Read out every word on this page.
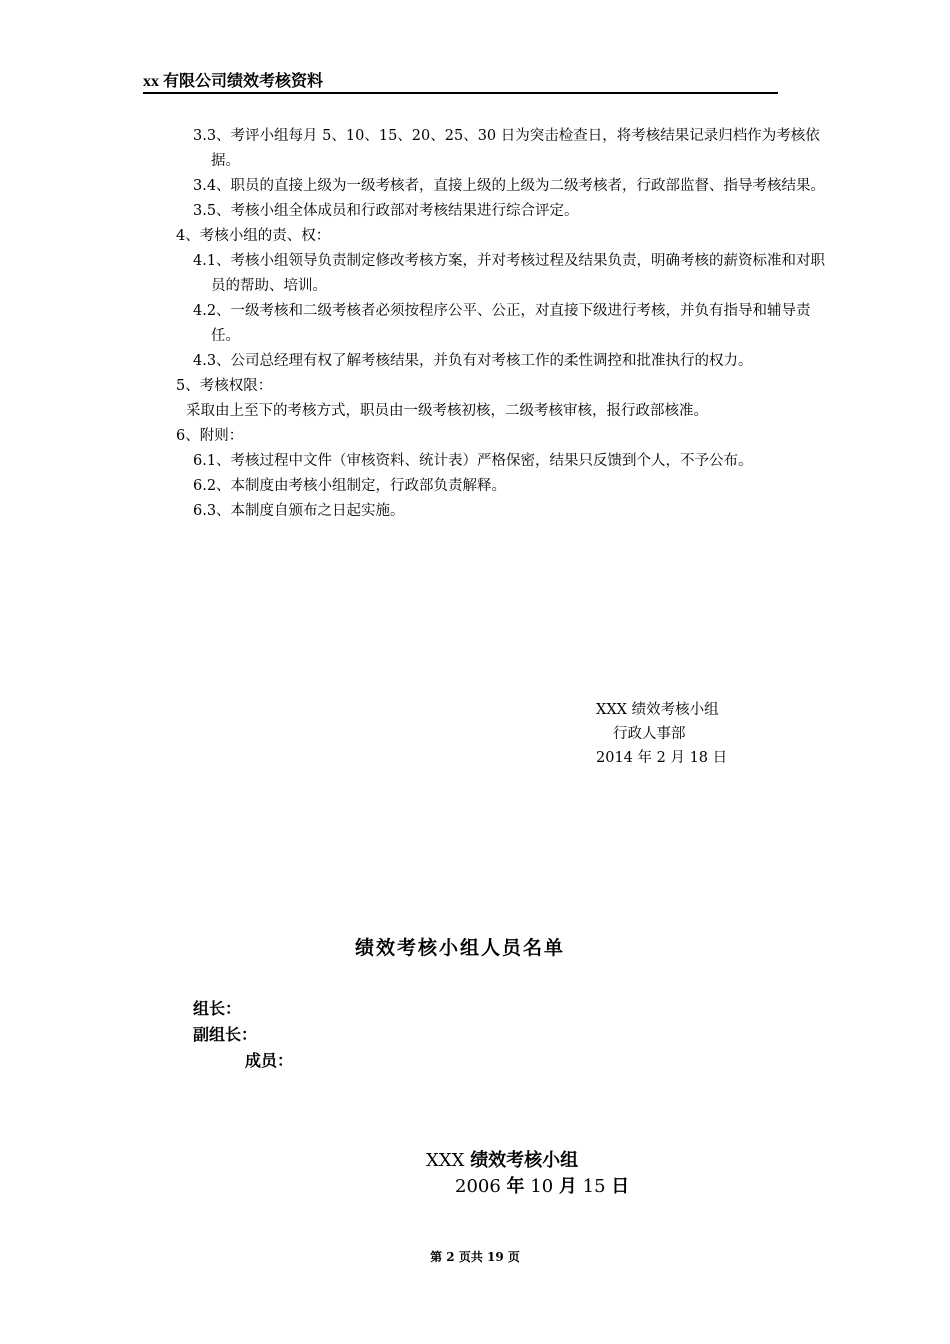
xx 有限公司绩效考核资料
3.3、考评小组每月 5、10、15、20、25、30 日为突击检查日，将考核结果记录归档作为考核依据。
3.4、职员的直接上级为一级考核者，直接上级的上级为二级考核者，行政部监督、指导考核结果。
3.5、考核小组全体成员和行政部对考核结果进行综合评定。
4、考核小组的责、权：
4.1、考核小组领导负责制定修改考核方案，并对考核过程及结果负责，明确考核的薪资标准和对职员的帮助、培训。
4.2、一级考核和二级考核者必须按程序公平、公正，对直接下级进行考核，并负有指导和辅导责任。
4.3、公司总经理有权了解考核结果，并负有对考核工作的柔性调控和批准执行的权力。
5、考核权限：
采取由上至下的考核方式，职员由一级考核初核，二级考核审核，报行政部核准。
6、附则：
6.1、考核过程中文件（审核资料、统计表）严格保密，结果只反馈到个人，不予公布。
6.2、本制度由考核小组制定，行政部负责解释。
6.3、本制度自颁布之日起实施。
XXX 绩效考核小组
行政人事部
2014 年 2 月 18 日
绩效考核小组人员名单
组长：
副组长：
成员：
XXX 绩效考核小组
2006 年 10 月 15 日
第 2 页共 19 页
